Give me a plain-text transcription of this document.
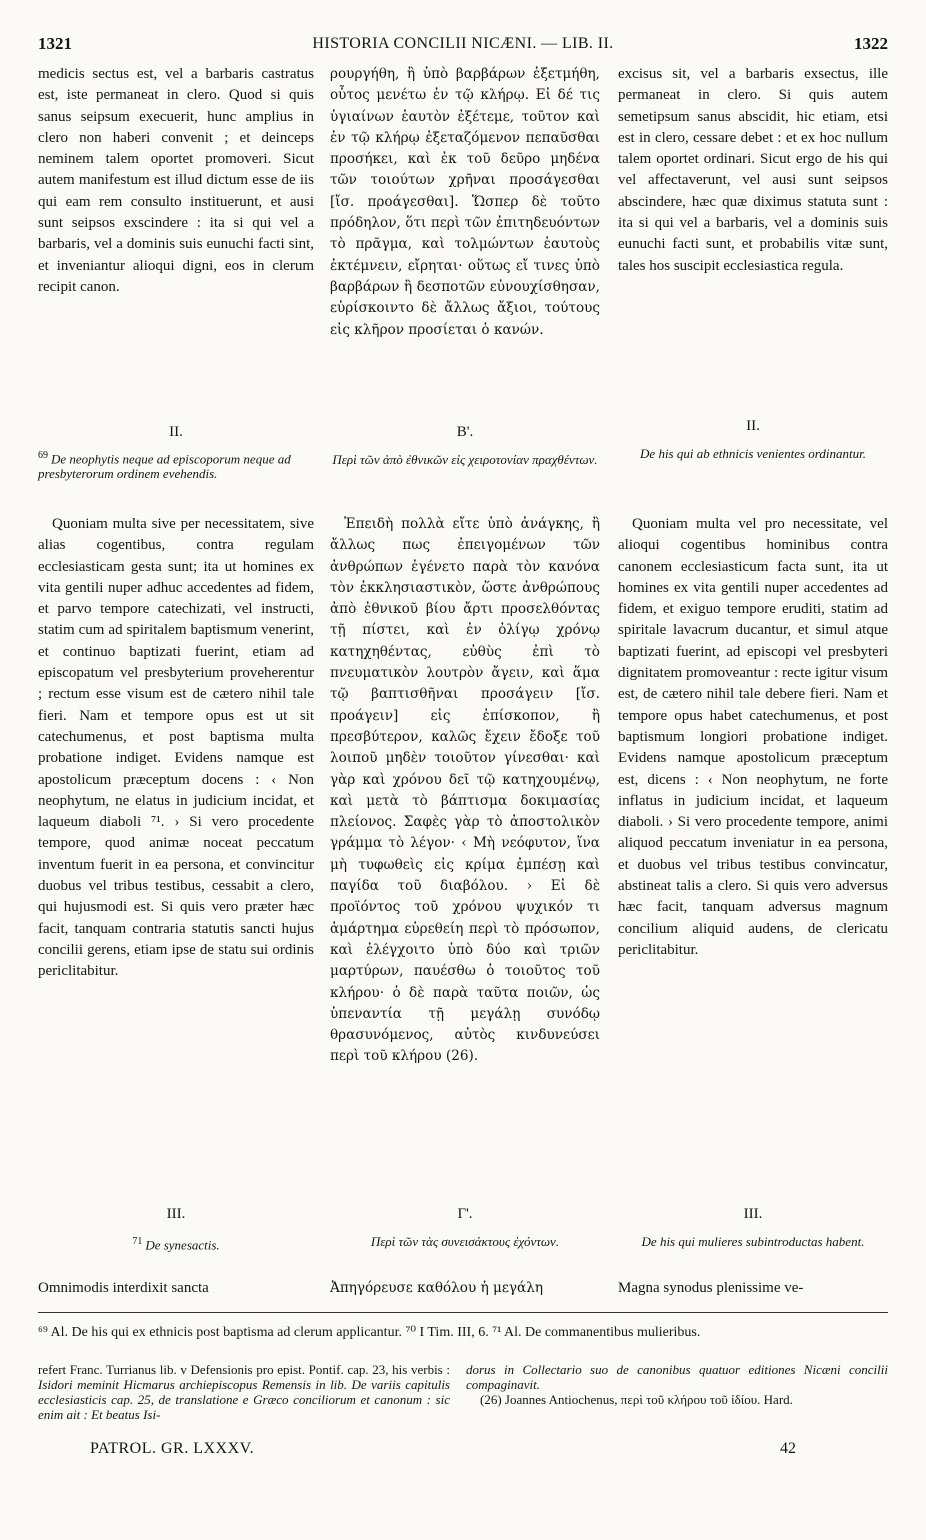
1321	HISTORIA CONCILII NICÆNI. — LIB. II.	1322

medicis sectus est, vel a barbaris castratus est, iste permaneat in clero. Quod si quis sanus seipsum execuerit, hunc amplius in clero non haberi convenit ; et deinceps neminem talem oportet promoveri. Sicut autem manifestum est illud dictum esse de iis qui eam rem consulto instituerunt, et ausi sunt seipsos exscindere : ita si qui vel a barbaris, vel a dominis suis eunuchi facti sint, et inveniantur alioqui digni, eos in clerum recipit canon.

ρουργήθη, ἢ ὑπὸ βαρβάρων ἐξετμήθη, οὗτος μενέτω ἐν τῷ κλήρῳ. Εἰ δέ τις ὑγιαίνων ἑαυτὸν ἐξέτεμε, τοῦτον καὶ ἐν τῷ κλήρῳ ἐξεταζόμενον πεπαῦσθαι προσήκει, καὶ ἐκ τοῦ δεῦρο μηδένα τῶν τοιούτων χρῆναι προσάγεσθαι [ἴσ. προάγεσθαι]. Ὥσπερ δὲ τοῦτο πρόδηλον, ὅτι περὶ τῶν ἐπιτηδευόντων τὸ πρᾶγμα, καὶ τολμώντων ἑαυτοὺς ἐκτέμνειν, εἴρηται· οὕτως εἴ τινες ὑπὸ βαρβάρων ἢ δεσποτῶν εὐνουχίσθησαν, εὑρίσκοιντο δὲ ἄλλως ἄξιοι, τούτους εἰς κλῆρον προσίεται ὁ κανών.

excisus sit, vel a barbaris exsectus, ille permaneat in clero. Si quis autem semetipsum sanus abscidit, hic etiam, etsi est in clero, cessare debet : et ex hoc nullum talem oportet ordinari. Sicut ergo de his qui vel affectaverunt, vel ausi sunt seipsos abscindere, hæc quæ diximus statuta sunt : ita si qui vel a barbaris, vel a dominis suis eunuchi facti sunt, et probabilis vitæ sunt, tales hos suscipit ecclesiastica regula.

II.	Β'.	II.
$^{69}$ De neophytis neque ad episcoporum neque ad presbyterorum ordinem evehendis.
Περὶ τῶν ἀπὸ ἐθνικῶν εἰς χειροτονίαν πραχθέντων.	De his qui ab ethnicis venientes ordinantur.

Quoniam multa sive per necessitatem, sive alias cogentibus, contra regulam ecclesiasticam gesta sunt; ita ut homines ex vita gentili nuper adhuc accedentes ad fidem, et parvo tempore catechizati, vel instructi, statim cum ad spiritalem baptismum venerint, et continuo baptizati fuerint, etiam ad episcopatum vel presbyterium proveherentur ; rectum esse visum est de cætero nihil tale fieri. Nam et tempore opus est ut sit catechumenus, et post baptisma multa probatione indiget. Evidens namque est apostolicum præceptum docens : ‹ Non neophytum, ne elatus in judicium incidat, et laqueum diaboli ⁷¹. › Si vero procedente tempore, quod animæ noceat peccatum inventum fuerit in ea persona, et convincitur duobus vel tribus testibus, cessabit a clero, qui hujusmodi est. Si quis vero præter hæc facit, tanquam contraria statutis sancti hujus concilii gerens, etiam ipse de statu sui ordinis periclitabitur.

Ἐπειδὴ πολλὰ εἴτε ὑπὸ ἀνάγκης, ἢ ἄλλως πως ἐπειγομένων τῶν ἀνθρώπων ἐγένετο παρὰ τὸν κανόνα τὸν ἐκκλησιαστικὸν, ὥστε ἀνθρώπους ἀπὸ ἐθνικοῦ βίου ἄρτι προσελθόντας τῇ πίστει, καὶ ἐν ὀλίγῳ χρόνῳ κατηχηθέντας, εὐθὺς ἐπὶ τὸ πνευματικὸν λουτρὸν ἄγειν, καὶ ἅμα τῷ βαπτισθῆναι προσάγειν [ἴσ. προάγειν] εἰς ἐπίσκοπον, ἢ πρεσβύτερον, καλῶς ἔχειν ἔδοξε τοῦ λοιποῦ μηδὲν τοιοῦτον γίνεσθαι· καὶ γὰρ καὶ χρόνου δεῖ τῷ κατηχουμένῳ, καὶ μετὰ τὸ βάπτισμα δοκιμασίας πλείονος. Σαφὲς γὰρ τὸ ἀποστολικὸν γράμμα τὸ λέγον· ‹ Μὴ νεόφυτον, ἵνα μὴ τυφωθεὶς εἰς κρίμα ἐμπέσῃ καὶ παγίδα τοῦ διαβόλου. › Εἰ δὲ προϊόντος τοῦ χρόνου ψυχικόν τι ἁμάρτημα εὑρεθείη περὶ τὸ πρόσωπον, καὶ ἐλέγχοιτο ὑπὸ δύο καὶ τριῶν μαρτύρων, παυέσθω ὁ τοιοῦτος τοῦ κλήρου· ὁ δὲ παρὰ ταῦτα ποιῶν, ὡς ὑπεναντία τῇ μεγάλῃ συνόδῳ θρασυνόμενος, αὐτὸς κινδυνεύσει περὶ τοῦ κλήρου (26).

Quoniam multa vel pro necessitate, vel alioqui cogentibus hominibus contra canonem ecclesiasticum facta sunt, ita ut homines ex vita gentili nuper accedentes ad fidem, et exiguo tempore eruditi, statim ad spiritale lavacrum ducantur, et simul atque baptizati fuerint, ad episcopi vel presbyteri dignitatem promoveantur : recte igitur visum est, de cætero nihil tale debere fieri. Nam et tempore opus habet catechumenus, et post baptismum longiori probatione indiget. Evidens namque apostolicum præceptum est, dicens : ‹ Non neophytum, ne forte inflatus in judicium incidat, et laqueum diaboli. › Si vero procedente tempore, animi aliquod peccatum inveniatur in ea persona, et duobus vel tribus testibus convincatur, abstineat talis a clero. Si quis vero adversus hæc facit, tanquam adversus magnum concilium aliquid audens, de clericatu periclitabitur.

III.	Γ'.	III.
$^{71}$ De synesactis.	Περὶ τῶν τὰς συνεισάκτους ἐχόντων.	De his qui mulieres subintroductas habent.

Omnimodis interdixit sancta	Ἀπηγόρευσε καθόλου ἡ μεγάλη	Magna synodus plenissime ve-

⁶⁹ Al. De his qui ex ethnicis post baptisma ad clerum applicantur. ⁷⁰ I Tim. III, 6. ⁷¹ Al. De commanentibus mulieribus.
refert Franc. Turrianus lib. v Defensionis pro epist. Pontif. cap. 23, his verbis : Isidori meminit Hicmarus archiepiscopus Remensis in lib. De variis capitulis ecclesiasticis cap. 25, de translatione e Græco conciliorum et canonum : sic enim ait : Et beatus Isi-
dorus in Collectario suo de canonibus quatuor editiones Nicæni concilii compaginavit.
(26) Joannes Antiochenus, περὶ τοῦ κλήρου τοῦ ἰδίου. Hard.
PATROL. GR. LXXXV.	42
